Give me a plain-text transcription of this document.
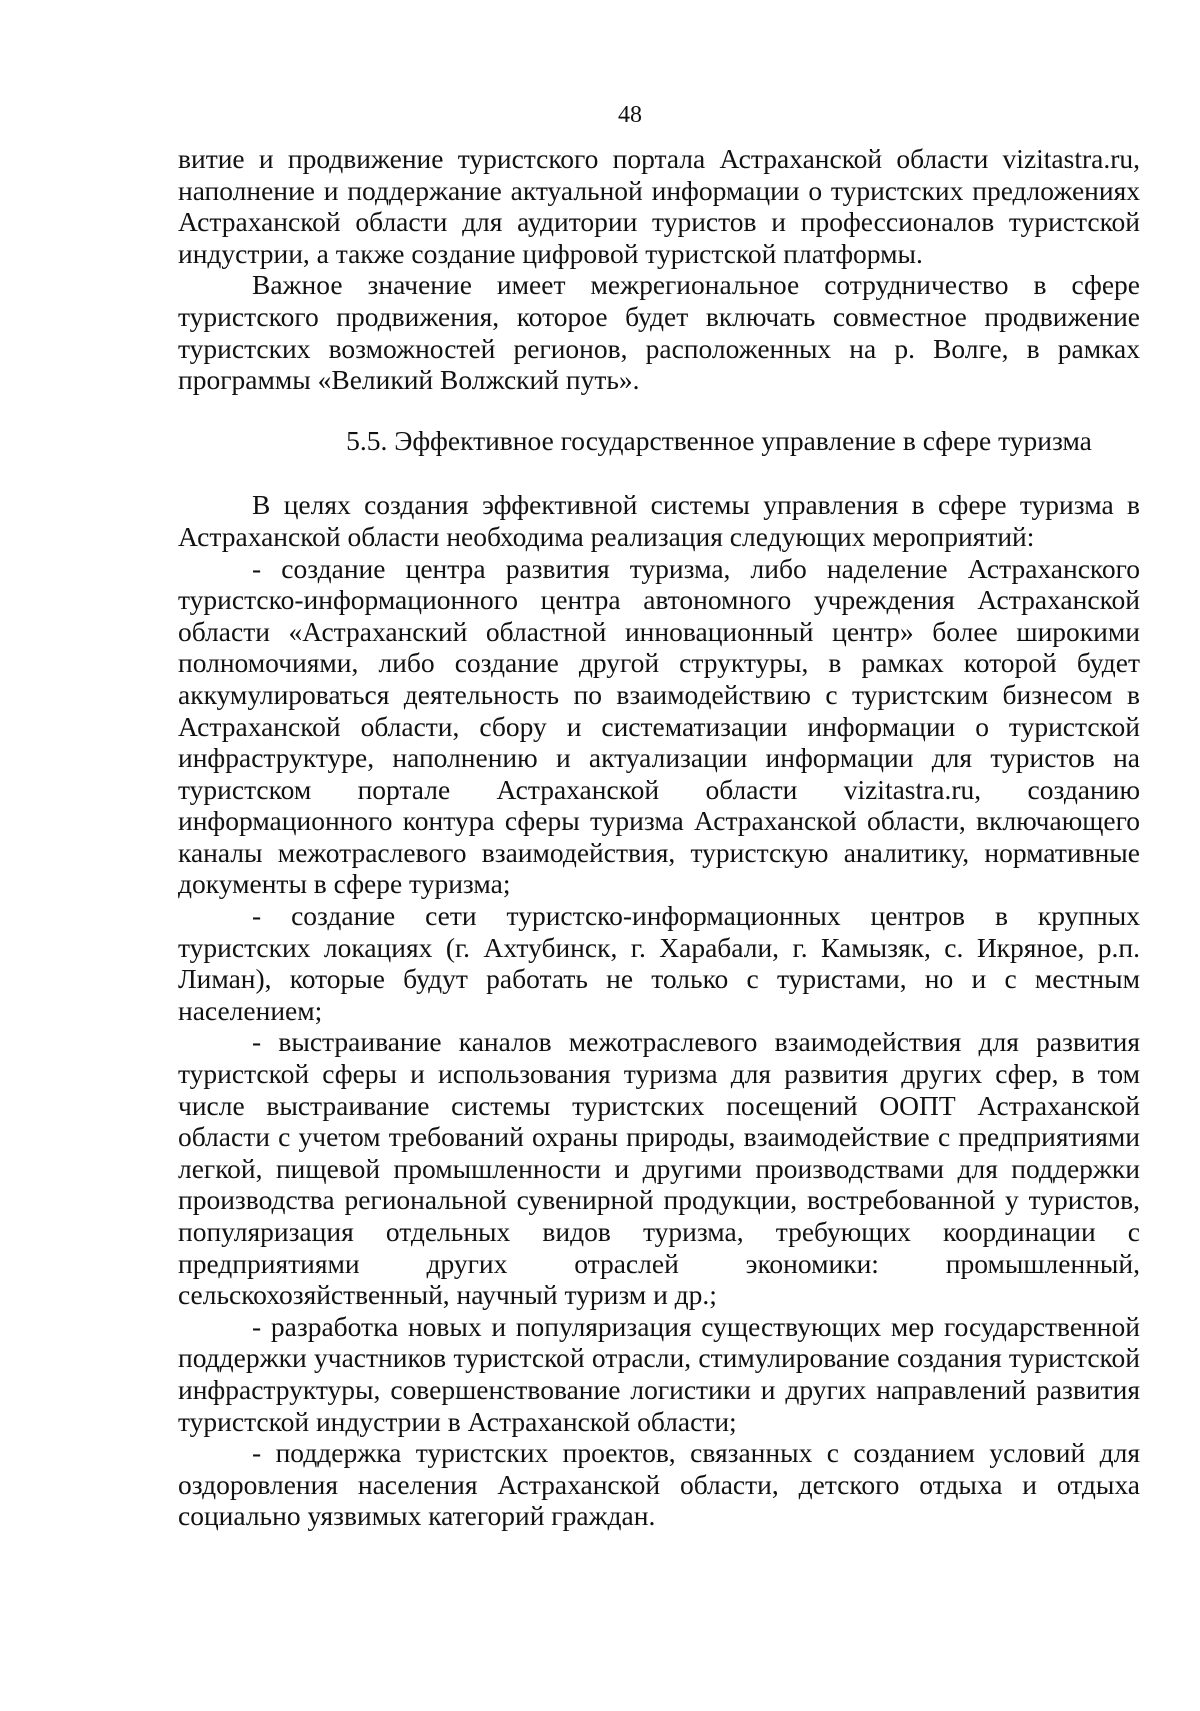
48

витие и продвижение туристского портала Астраханской области vizitastra.ru, наполнение и поддержание актуальной информации о туристских предложениях Астраханской области для аудитории туристов и профессионалов туристской индустрии, а также создание цифровой туристской платформы.

Важное значение имеет межрегиональное сотрудничество в сфере туристского продвижения, которое будет включать совместное продвижение туристских возможностей регионов, расположенных на р. Волге, в рамках программы «Великий Волжский путь».

5.5. Эффективное государственное управление в сфере туризма

В целях создания эффективной системы управления в сфере туризма в Астраханской области необходима реализация следующих мероприятий:

- создание центра развития туризма, либо наделение Астраханского туристско-информационного центра автономного учреждения Астраханской области «Астраханский областной инновационный центр» более широкими полномочиями, либо создание другой структуры, в рамках которой будет аккумулироваться деятельность по взаимодействию с туристским бизнесом в Астраханской области, сбору и систематизации информации о туристской инфраструктуре, наполнению и актуализации информации для туристов на туристском портале Астраханской области vizitastra.ru, созданию информационного контура сферы туризма Астраханской области, включающего каналы межотраслевого взаимодействия, туристскую аналитику, нормативные документы в сфере туризма;

- создание сети туристско-информационных центров в крупных туристских локациях (г. Ахтубинск, г. Харабали, г. Камызяк, с. Икряное, р.п. Лиман), которые будут работать не только с туристами, но и с местным населением;

- выстраивание каналов межотраслевого взаимодействия для развития туристской сферы и использования туризма для развития других сфер, в том числе выстраивание системы туристских посещений ООПТ Астраханской области с учетом требований охраны природы, взаимодействие с предприятиями легкой, пищевой промышленности и другими производствами для поддержки производства региональной сувенирной продукции, востребованной у туристов, популяризация отдельных видов туризма, требующих координации с предприятиями других отраслей экономики: промышленный, сельскохозяйственный, научный туризм и др.;

- разработка новых и популяризация существующих мер государственной поддержки участников туристской отрасли, стимулирование создания туристской инфраструктуры, совершенствование логистики и других направлений развития туристской индустрии в Астраханской области;

- поддержка туристских проектов, связанных с созданием условий для оздоровления населения Астраханской области, детского отдыха и отдыха социально уязвимых категорий граждан.
